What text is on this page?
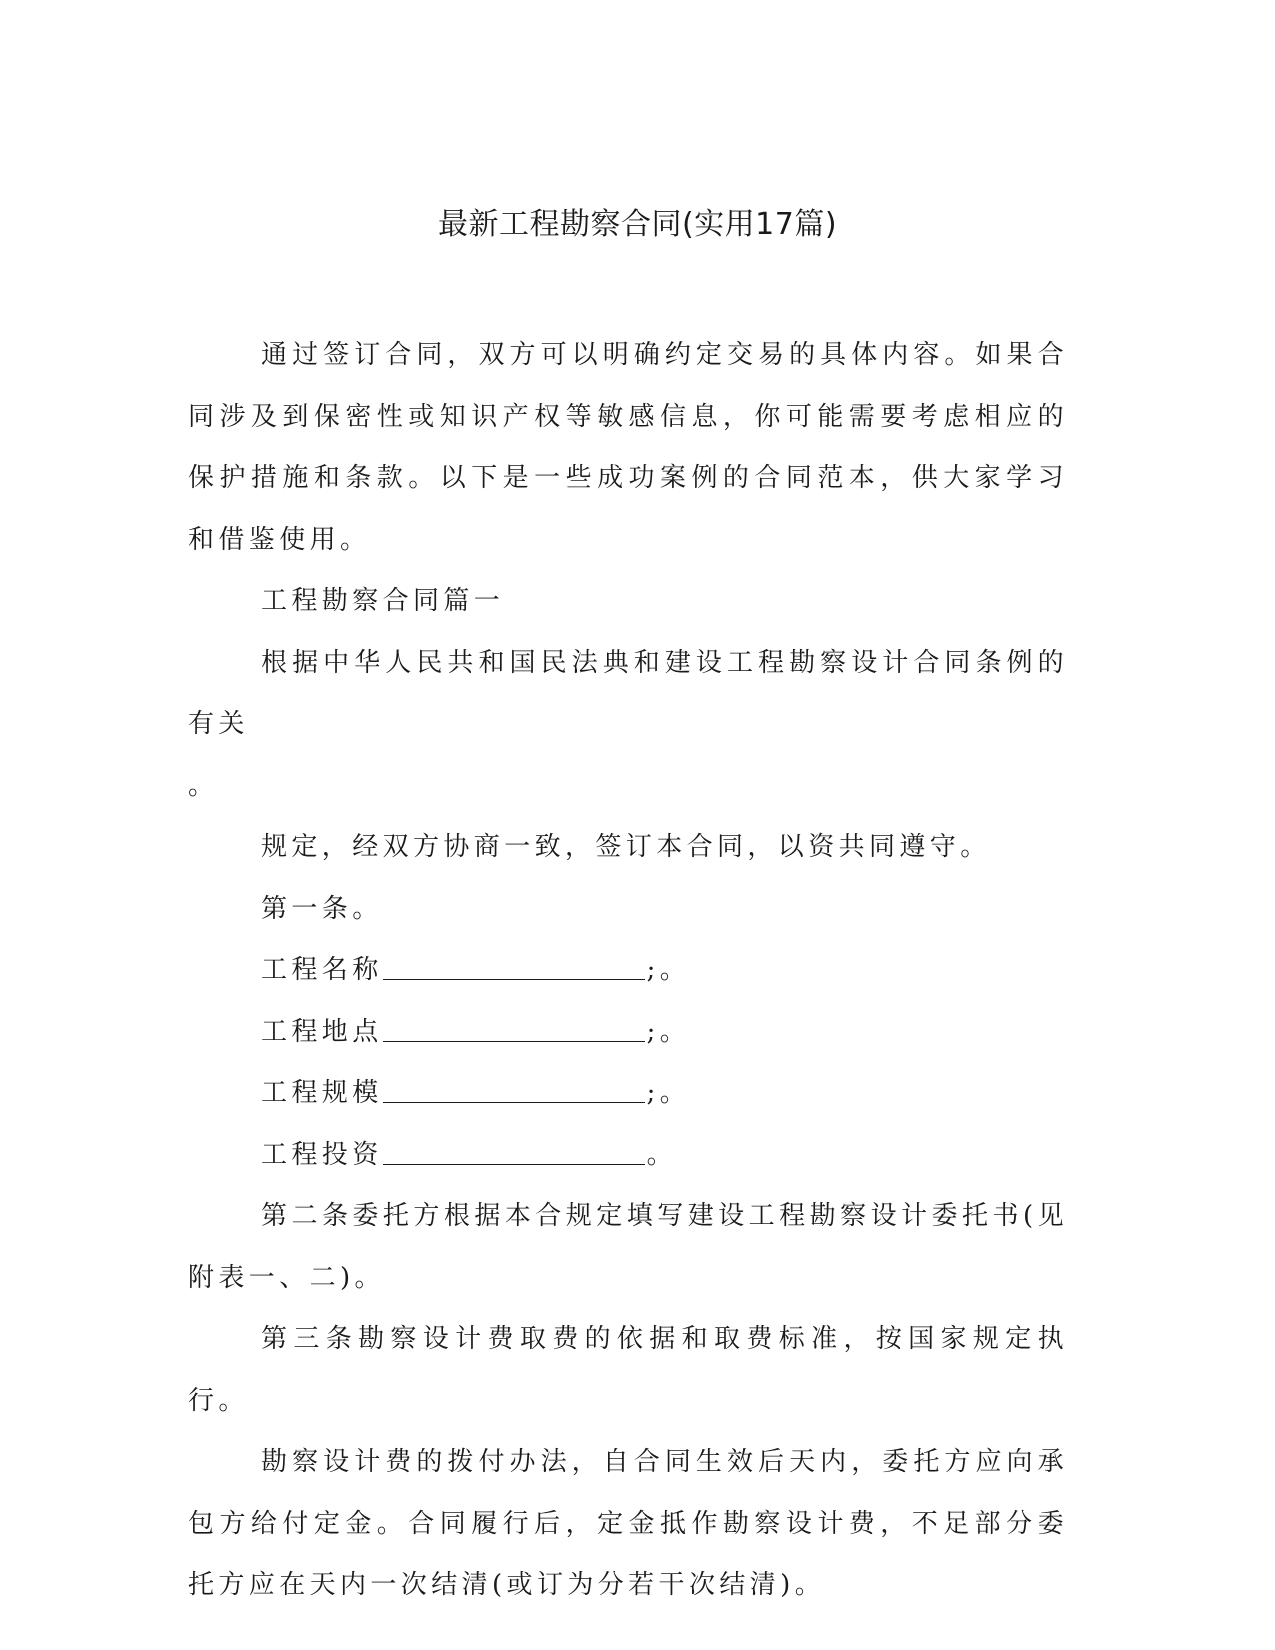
最新工程勘察合同(实用17篇)

通过签订合同，双方可以明确约定交易的具体内容。如果合同涉及到保密性或知识产权等敏感信息，你可能需要考虑相应的保护措施和条款。以下是一些成功案例的合同范本，供大家学习和借鉴使用。

工程勘察合同篇一

根据中华人民共和国民法典和建设工程勘察设计合同条例的有关

。

规定，经双方协商一致，签订本合同，以资共同遵守。

第一条。

工程名称	;。

工程地点	;。

工程规模	;。

工程投资	。

第二条委托方根据本合规定填写建设工程勘察设计委托书(见附表一、二)。

第三条勘察设计费取费的依据和取费标准，按国家规定执行。

勘察设计费的拨付办法，自合同生效后天内，委托方应向承包方给付定金。合同履行后，定金抵作勘察设计费，不足部分委托方应在天内一次结清(或订为分若干次结清)。
